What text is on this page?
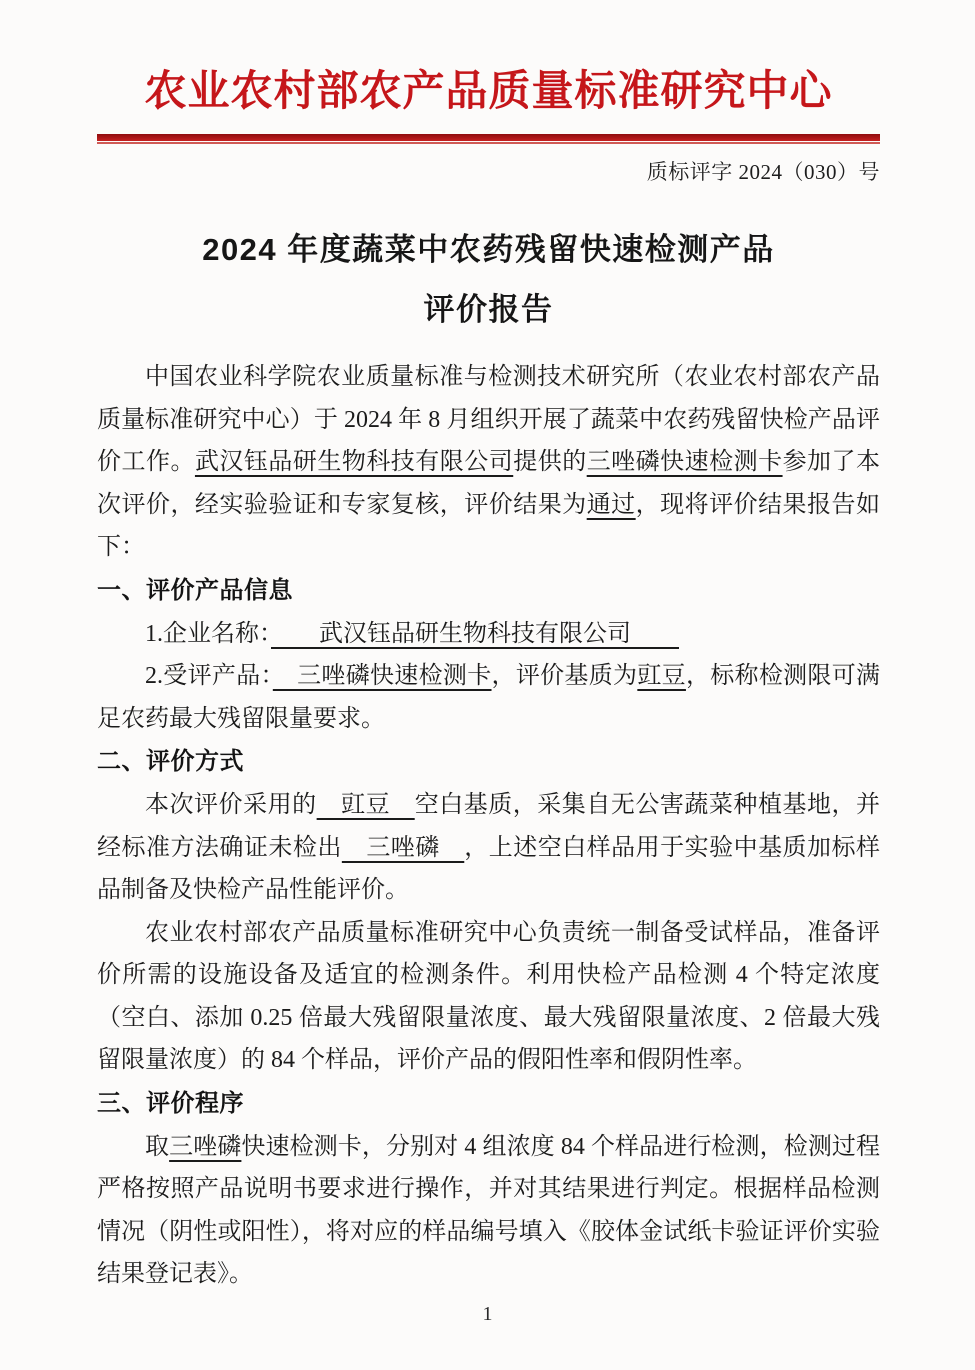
农业农村部农产品质量标准研究中心
质标评字 2024（030）号
2024 年度蔬菜中农药残留快速检测产品
评价报告

中国农业科学院农业质量标准与检测技术研究所（农业农村部农产品质量标准研究中心）于 2024 年 8 月组织开展了蔬菜中农药残留快检产品评价工作。武汉钰品研生物科技有限公司提供的三唑磷快速检测卡参加了本次评价，经实验验证和专家复核，评价结果为通过，现将评价结果报告如下：

一、评价产品信息

1.企业名称：　　武汉钰品研生物科技有限公司　　

2.受评产品：　三唑磷快速检测卡，评价基质为豇豆，标称检测限可满足农药最大残留限量要求。

二、评价方式

本次评价采用的　豇豆　空白基质，采集自无公害蔬菜种植基地，并经标准方法确证未检出　三唑磷　，上述空白样品用于实验中基质加标样品制备及快检产品性能评价。

农业农村部农产品质量标准研究中心负责统一制备受试样品，准备评价所需的设施设备及适宜的检测条件。利用快检产品检测 4 个特定浓度（空白、添加 0.25 倍最大残留限量浓度、最大残留限量浓度、2 倍最大残留限量浓度）的 84 个样品，评价产品的假阳性率和假阴性率。

三、评价程序

取三唑磷快速检测卡，分别对 4 组浓度 84 个样品进行检测，检测过程严格按照产品说明书要求进行操作，并对其结果进行判定。根据样品检测情况（阴性或阳性），将对应的样品编号填入《胶体金试纸卡验证评价实验结果登记表》。

1
